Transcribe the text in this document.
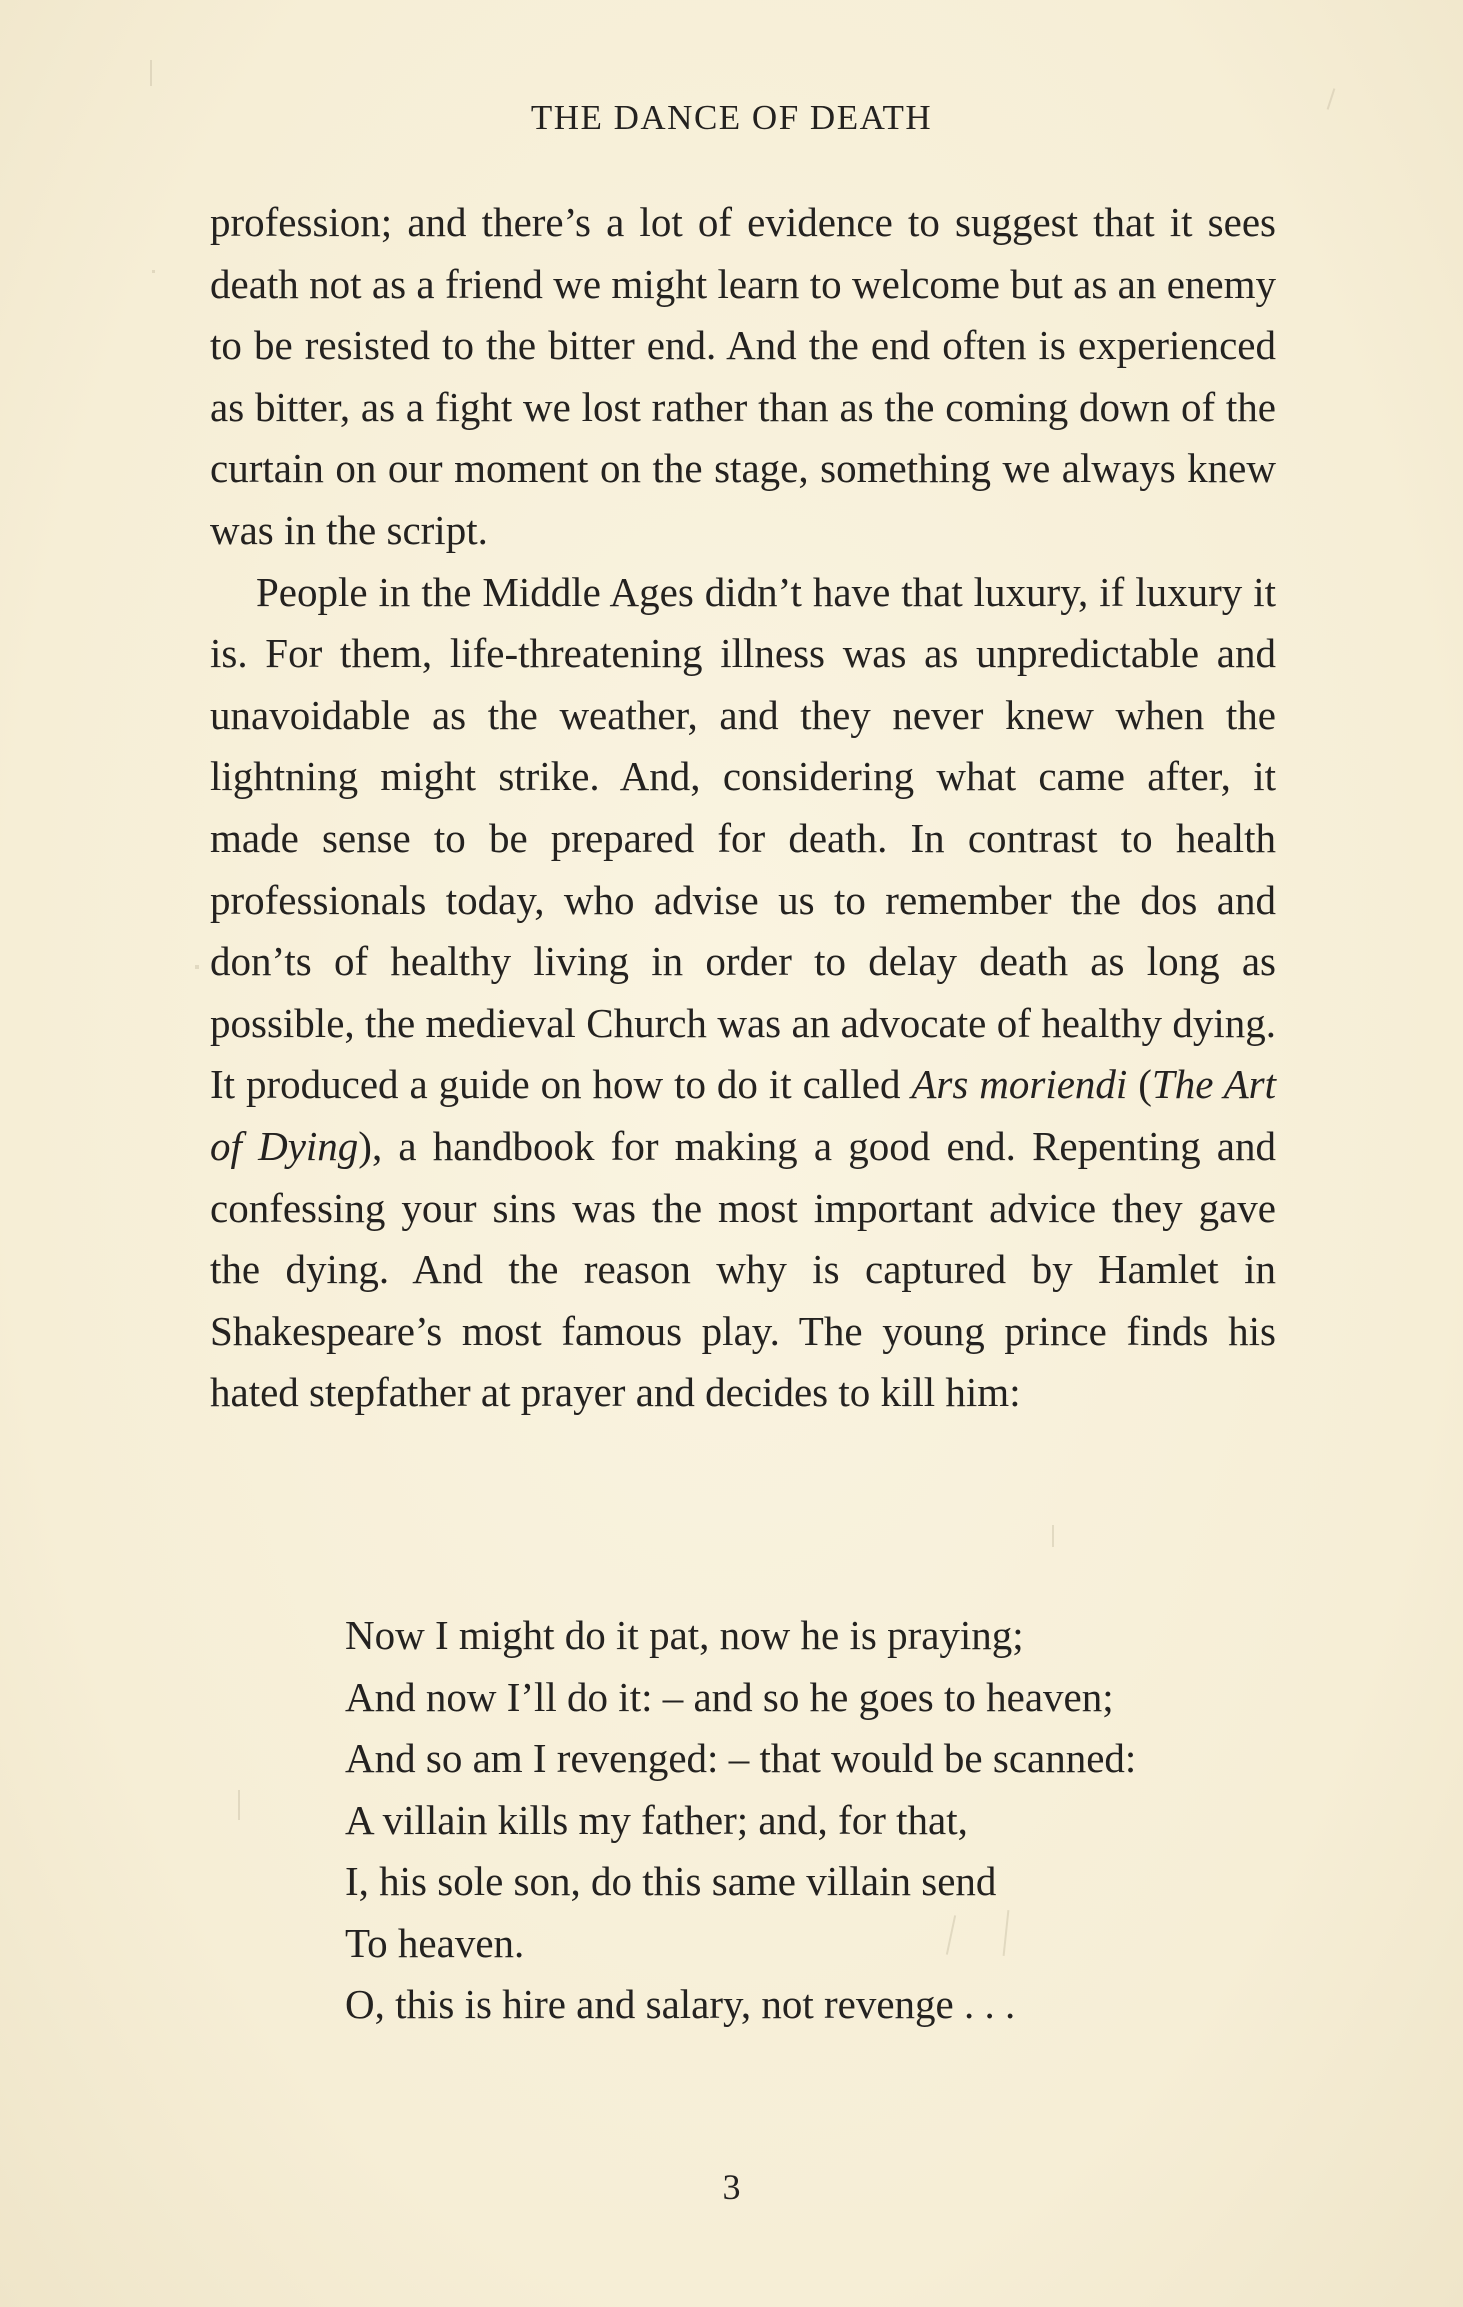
THE DANCE OF DEATH

profession; and there’s a lot of evidence to suggest that it sees death not as a friend we might learn to welcome but as an enemy to be resisted to the bitter end. And the end often is experienced as bitter, as a fight we lost rather than as the coming down of the curtain on our moment on the stage, something we always knew was in the script.

People in the Middle Ages didn’t have that luxury, if luxury it is. For them, life-threatening illness was as unpredictable and unavoidable as the weather, and they never knew when the lightning might strike. And, considering what came after, it made sense to be prepared for death. In contrast to health professionals today, who advise us to remember the dos and don’ts of healthy living in order to delay death as long as possible, the medieval Church was an advocate of healthy dying. It produced a guide on how to do it called Ars moriendi (The Art of Dying), a handbook for making a good end. Repenting and confessing your sins was the most important advice they gave the dying. And the reason why is captured by Hamlet in Shakespeare’s most famous play. The young prince finds his hated stepfather at prayer and decides to kill him:

Now I might do it pat, now he is praying;
And now I’ll do it: – and so he goes to heaven;
And so am I revenged: – that would be scanned:
A villain kills my father; and, for that,
I, his sole son, do this same villain send
To heaven.
O, this is hire and salary, not revenge . . .
3
